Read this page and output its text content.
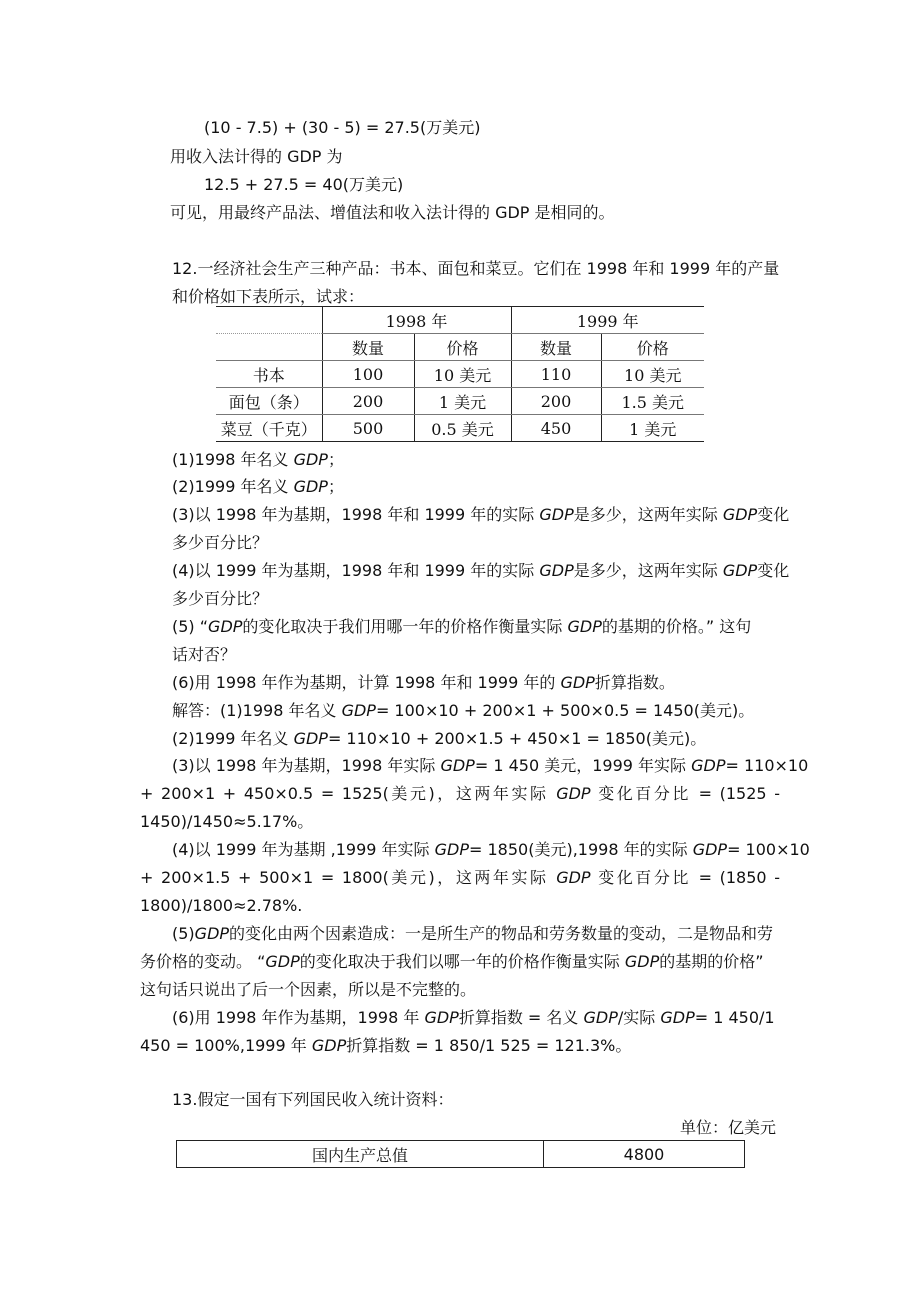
(10 - 7.5) + (30 - 5) = 27.5(万美元)
用收入法计得的 GDP 为
12.5 + 27.5 = 40(万美元)
可见，用最终产品法、增值法和收入法计得的 GDP 是相同的。
12.一经济社会生产三种产品：书本、面包和菜豆。它们在 1998 年和 1999 年的产量
和价格如下表所示，试求：
	1998 年		1999 年	
	数量	价格	数量	价格
书本	100	10 美元	110	10 美元
面包（条）	200	1 美元	200	1.5 美元
菜豆（千克）	500	0.5 美元	450	1 美元
(1)1998 年名义 GDP；
(2)1999 年名义 GDP；
(3)以 1998 年为基期，1998 年和 1999 年的实际 GDP是多少，这两年实际 GDP变化
多少百分比？
(4)以 1999 年为基期，1998 年和 1999 年的实际 GDP是多少，这两年实际 GDP变化
多少百分比？
(5) “GDP的变化取决于我们用哪一年的价格作衡量实际 GDP的基期的价格。” 这句
话对否？
(6)用 1998 年作为基期，计算 1998 年和 1999 年的 GDP折算指数。
解答：(1)1998 年名义 GDP= 100×10 + 200×1 + 500×0.5 = 1450(美元)。
(2)1999 年名义 GDP= 110×10 + 200×1.5 + 450×1 = 1850(美元)。
(3)以 1998 年为基期，1998 年实际 GDP= 1 450 美元，1999 年实际 GDP= 110×10
+ 200×1 + 450×0.5 = 1525(美元)，这两年实际 GDP 变化百分比 = (1525 -
1450)/1450≈5.17%。
(4)以 1999 年为基期 ,1999 年实际 GDP= 1850(美元),1998 年的实际 GDP= 100×10
+ 200×1.5 + 500×1 = 1800(美元)，这两年实际 GDP 变化百分比 = (1850 -
1800)/1800≈2.78%.
(5)GDP的变化由两个因素造成：一是所生产的物品和劳务数量的变动，二是物品和劳
务价格的变动。 “GDP的变化取决于我们以哪一年的价格作衡量实际 GDP的基期的价格”
这句话只说出了后一个因素，所以是不完整的。
(6)用 1998 年作为基期，1998 年 GDP折算指数 = 名义 GDP/实际 GDP= 1 450/1
450 = 100%,1999 年 GDP折算指数 = 1 850/1 525 = 121.3%。
13.假定一国有下列国民收入统计资料：
单位：亿美元
国内生产总值	4800
